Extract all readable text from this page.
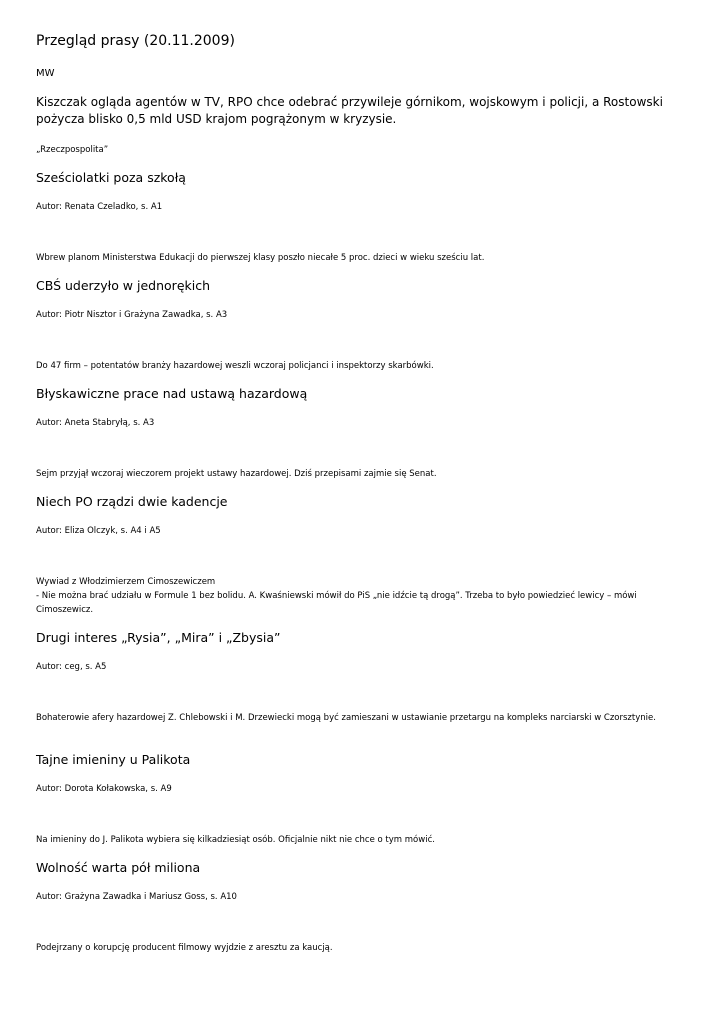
Przegląd prasy (20.11.2009)
MW
Kiszczak ogląda agentów w TV, RPO chce odebrać przywileje górnikom, wojskowym i policji, a Rostowski pożycza blisko 0,5 mld USD krajom pogrążonym w kryzysie.
„Rzeczpospolita”
Sześciolatki poza szkołą
Autor: Renata Czeladko, s. A1
Wbrew planom Ministerstwa Edukacji do pierwszej klasy poszło niecałe 5 proc. dzieci w wieku sześciu lat.
CBŚ uderzyło w jednorękich
Autor: Piotr Nisztor i Grażyna Zawadka, s. A3
Do 47 firm – potentatów branży hazardowej weszli wczoraj policjanci i inspektorzy skarbówki.
Błyskawiczne prace nad ustawą hazardową
Autor: Aneta Stabryłą, s. A3
Sejm przyjął wczoraj wieczorem projekt ustawy hazardowej. Dziś przepisami zajmie się Senat.
Niech PO rządzi dwie kadencje
Autor: Eliza Olczyk, s. A4 i A5
Wywiad z Włodzimierzem Cimoszewiczem
- Nie można brać udziału w Formule 1 bez bolidu. A. Kwaśniewski mówił do PiS „nie idźcie tą drogą”. Trzeba to było powiedzieć lewicy – mówi Cimoszewicz.
Drugi interes „Rysia”, „Mira” i „Zbysia”
Autor: ceg, s. A5
Bohaterowie afery hazardowej Z. Chlebowski i M. Drzewiecki mogą być zamieszani w ustawianie przetargu na kompleks narciarski w Czorsztynie.
Tajne imieniny u Palikota
Autor: Dorota Kołakowska, s. A9
Na imieniny do J. Palikota wybiera się kilkadziesiąt osób. Oficjalnie nikt nie chce o tym mówić.
Wolność warta pół miliona
Autor: Grażyna Zawadka i Mariusz Goss, s. A10
Podejrzany o korupcję producent filmowy wyjdzie z aresztu za kaucją.
